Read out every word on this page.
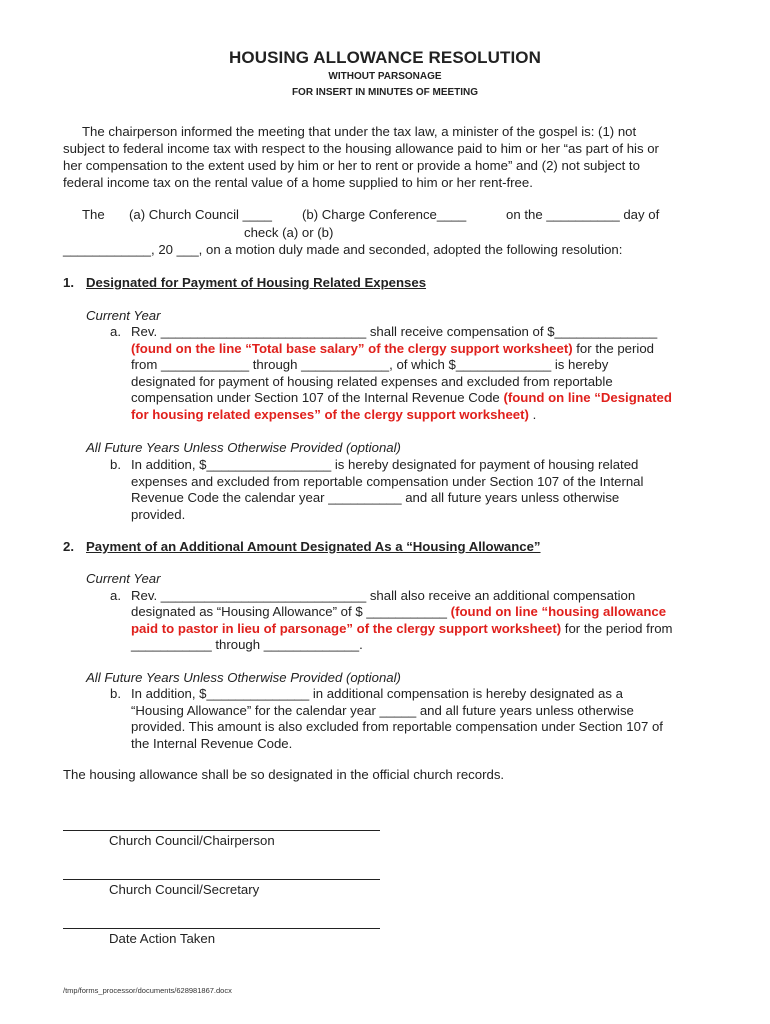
HOUSING ALLOWANCE RESOLUTION
WITHOUT PARSONAGE
FOR INSERT IN MINUTES OF MEETING
The chairperson informed the meeting that under the tax law, a minister of the gospel is: (1) not
subject to federal income tax with respect to the housing allowance paid to him or her “as part of his or
her compensation to the extent used by him or her to rent or provide a home” and (2) not subject to
federal income tax on the rental value of a home supplied to him or her rent-free.
The (a) Church Council ____ (b) Charge Conference____	on the __________ day of
check (a) or (b)
____________, 20 ___, on a motion duly made and seconded, adopted the following resolution:
1. Designated for Payment of Housing Related Expenses
Current Year
a. Rev. ____________________________ shall receive compensation of $______________
(found on the line “Total base salary” of the clergy support worksheet) for the period
from ____________ through ____________, of which $_____________ is hereby
designated for payment of housing related expenses and excluded from reportable
compensation under Section 107 of the Internal Revenue Code (found on line “Designated
for housing related expenses” of the clergy support worksheet) .
All Future Years Unless Otherwise Provided (optional)
b. In addition, $_________________ is hereby designated for payment of housing related
expenses and excluded from reportable compensation under Section 107 of the Internal
Revenue Code the calendar year __________ and all future years unless otherwise
provided.
2. Payment of an Additional Amount Designated As a “Housing Allowance”
Current Year
a. Rev. ____________________________ shall also receive an additional compensation
designated as “Housing Allowance” of $ ___________ (found on line “housing allowance
paid to pastor in lieu of parsonage” of the clergy support worksheet) for the period from
___________ through _____________.
All Future Years Unless Otherwise Provided (optional)
b. In addition, $______________ in additional compensation is hereby designated as a
“Housing Allowance” for the calendar year _____ and all future years unless otherwise
provided. This amount is also excluded from reportable compensation under Section 107 of
the Internal Revenue Code.
The housing allowance shall be so designated in the official church records.
Church Council/Chairperson
Church Council/Secretary
Date Action Taken
/tmp/forms_processor/documents/628981867.docx
